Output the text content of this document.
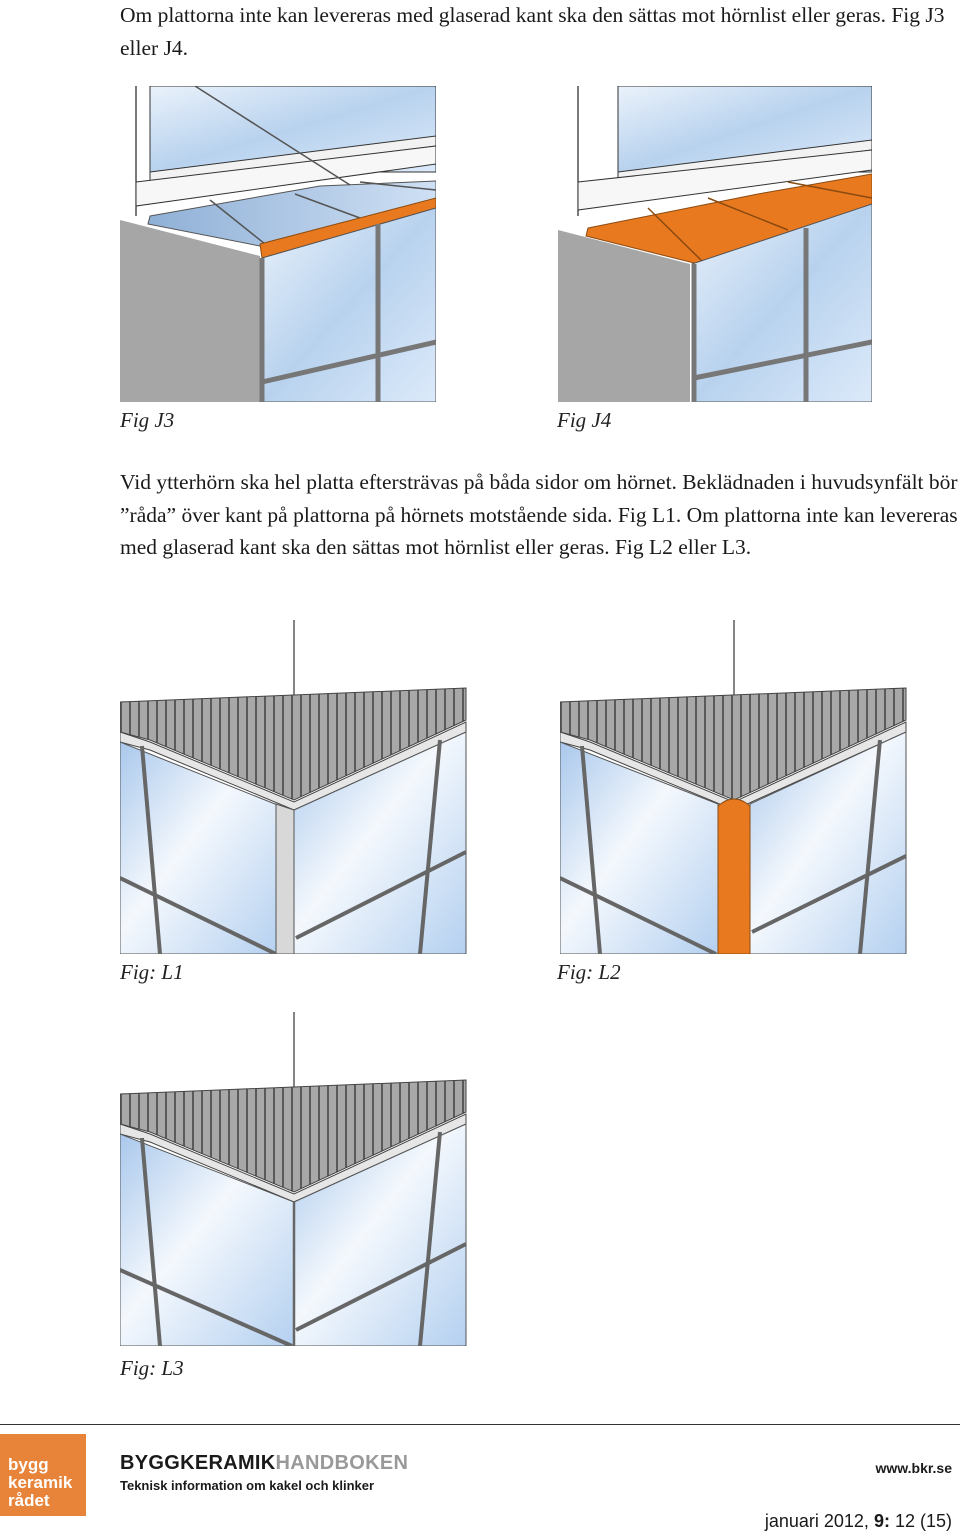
Om plattorna inte kan levereras med glaserad kant ska den sättas mot hörnlist eller geras. Fig J3 eller J4.

Fig J3	Fig J4

Vid ytterhörn ska hel platta eftersträvas på båda sidor om hörnet. Beklädnaden i huvudsynfält bör ”råda” över kant på plattorna på hörnets motstående sida. Fig L1. Om plattorna inte kan levereras med glaserad kant ska den sättas mot hörnlist eller geras. Fig L2 eller L3.

Fig: L1	Fig: L2
Fig: L3
bygg
keramik
rådet
BYGGKERAMIKHANDBOKEN
Teknisk information om kakel och klinker
www.bkr.se
januari 2012, 9: 12 (15)
